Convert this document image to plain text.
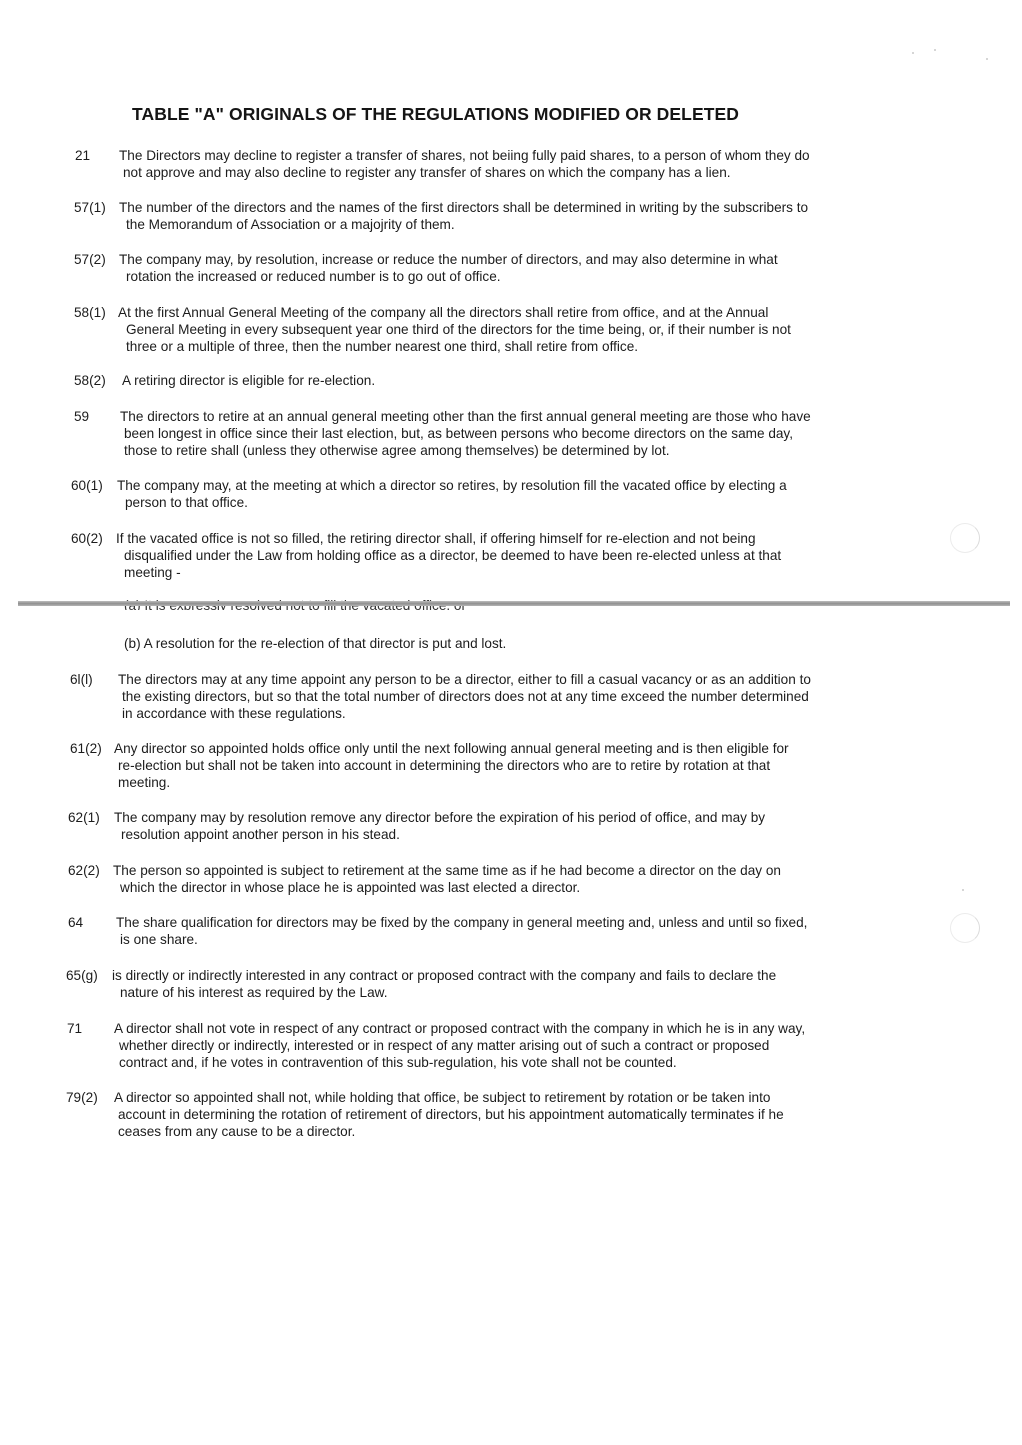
TABLE "A" ORIGINALS OF THE REGULATIONS MODIFIED OR DELETED
21 The Directors may decline to register a transfer of shares, not beiing fully paid shares, to a person of whom they do
not approve and may also decline to register any transfer of shares on which the company has a lien.
57(1) The number of the directors and the names of the first directors shall be determined in writing by the subscribers to
the Memorandum of Association or a majojrity of them.
57(2) The company may, by resolution, increase or reduce the number of directors, and may also determine in what
rotation the increased or reduced number is to go out of office.
58(1) At the first Annual General Meeting of the company all the directors shall retire from office, and at the Annual
General Meeting in every subsequent year one third of the directors for the time being, or, if their number is not
three or a multiple of three, then the number nearest one third, shall retire from office.
58(2) A retiring director is eligible for re-election.
59 The directors to retire at an annual general meeting other than the first annual general meeting are those who have
been longest in office since their last election, but, as between persons who become directors on the same day,
those to retire shall (unless they otherwise agree among themselves) be determined by lot.
60(1) The company may, at the meeting at which a director so retires, by resolution fill the vacated office by electing a
person to that office.
60(2) If the vacated office is not so filled, the retiring director shall, if offering himself for re-election and not being
disqualified under the Law from holding office as a director, be deemed to have been re-elected unless at that
meeting -
(b) A resolution for the re-election of that director is put and lost.
6l(l) The directors may at any time appoint any person to be a director, either to fill a casual vacancy or as an addition to
the existing directors, but so that the total number of directors does not at any time exceed the number determined
in accordance with these regulations.
61(2) Any director so appointed holds office only until the next following annual general meeting and is then eligible for
re-election but shall not be taken into account in determining the directors who are to retire by rotation at that
meeting.
62(1) The company may by resolution remove any director before the expiration of his period of office, and may by
resolution appoint another person in his stead.
62(2) The person so appointed is subject to retirement at the same time as if he had become a director on the day on
which the director in whose place he is appointed was last elected a director.
64 The share qualification for directors may be fixed by the company in general meeting and, unless and until so fixed,
is one share.
65(g) is directly or indirectly interested in any contract or proposed contract with the company and fails to declare the
nature of his interest as required by the Law.
71 A director shall not vote in respect of any contract or proposed contract with the company in which he is in any way,
whether directly or indirectly, interested or in respect of any matter arising out of such a contract or proposed
contract and, if he votes in contravention of this sub-regulation, his vote shall not be counted.
79(2) A director so appointed shall not, while holding that office, be subject to retirement by rotation or be taken into
account in determining the rotation of retirement of directors, but his appointment automatically terminates if he
ceases from any cause to be a director.
